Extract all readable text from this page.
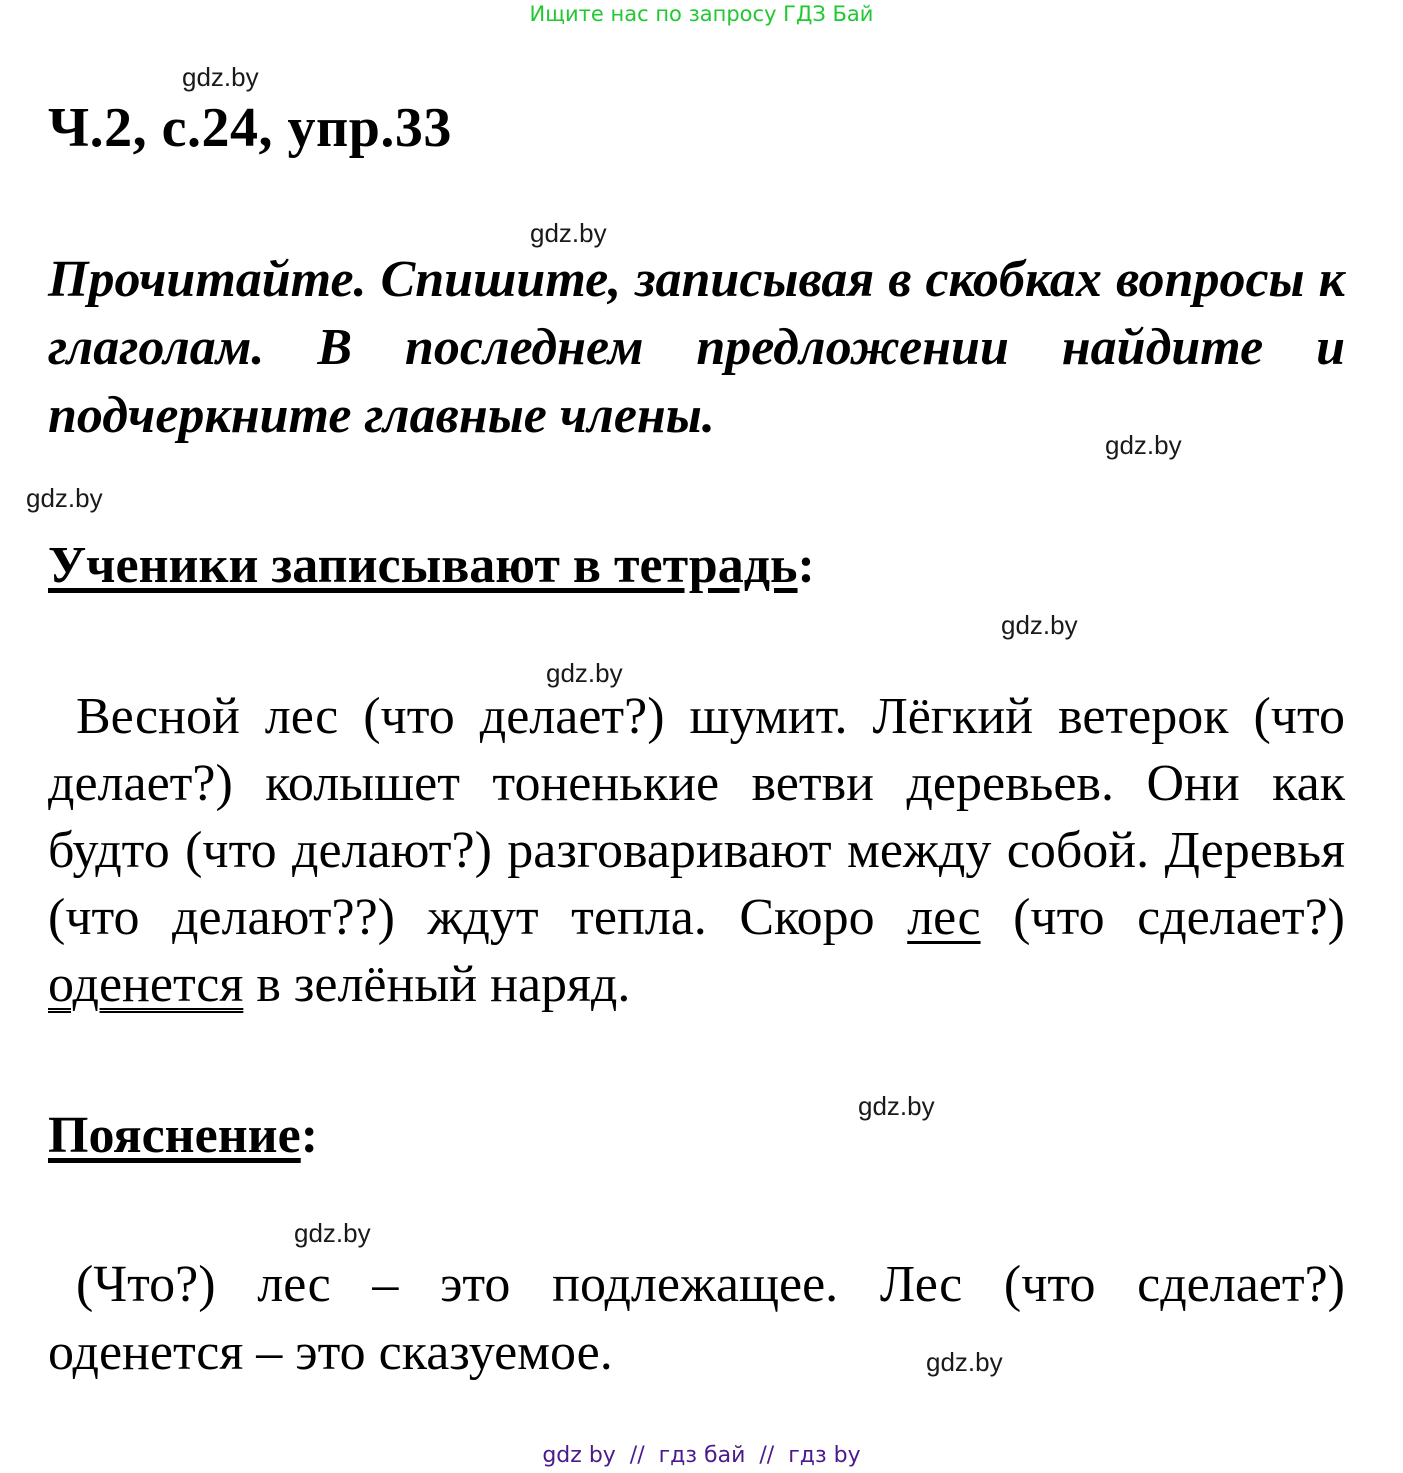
Ищите нас по запросу ГДЗ Бай
gdz.by
Ч.2, с.24, упр.33
gdz.by
Прочитайте. Спишите, записывая в скобках вопросы к глаголам. В последнем предложении найдите и подчеркните главные члены.
gdz.by
gdz.by
Ученики записывают в тетрадь:
gdz.by
gdz.by
Весной лес (что делает?) шумит. Лёгкий ветерок (что делает?) колышет тоненькие ветви деревьев. Они как будто (что делают?) разговаривают между собой. Деревья (что делают??) ждут тепла. Скоро лес (что сделает?) оденется в зелёный наряд.
gdz.by
Пояснение:
gdz.by
(Что?) лес – это подлежащее. Лес (что сделает?) оденется – это сказуемое.	gdz.by
gdz by  //  гдз бай  //  гдз by
